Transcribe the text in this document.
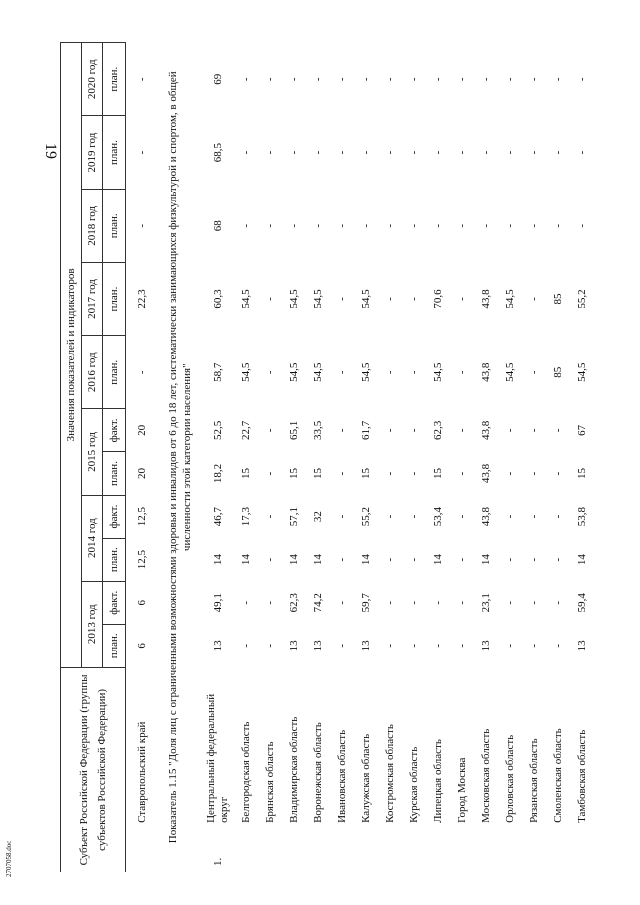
19
2707058.doc	Субъект Российской Федерации (группы субъектов Российской Федерации)		Значения показателей и индикаторов										
		2013 год		2014 год		2015 год		2016 год	2017 год	2018 год	2019 год	2020 год
		план.	факт.	план.	факт.	план.	факт.	план.	план.	план.	план.	план.
	Ставропольский край	6	6	12,5	12,5	20	20	-	22,3	-	-	-
Показатель 1.15 "Доля лиц с ограниченными возможностями здоровья и инвалидов от 6 до 18 лет, систематически занимающихся физкультурой и спортом, в общей численности этой категории населения"												
1.	Центральный федеральный округ	13	49,1	14	46,7	18,2	52,5	58,7	60,3	68	68,5	69
	Белгородская область	-	-	14	17,3	15	22,7	54,5	54,5	-	-	-
	Брянская область	-	-	-	-	-	-	-	-	-	-	-
	Владимирская область	13	62,3	14	57,1	15	65,1	54,5	54,5	-	-	-
	Воронежская область	13	74,2	14	32	15	33,5	54,5	54,5	-	-	-
	Ивановская область	-	-	-	-	-	-	-	-	-	-	-
	Калужская область	13	59,7	14	55,2	15	61,7	54,5	54,5	-	-	-
	Костромская область	-	-	-	-	-	-	-	-	-	-	-
	Курская область	-	-	-	-	-	-	-	-	-	-	-
	Липецкая область	-	-	14	53,4	15	62,3	54,5	70,6	-	-	-
	Город Москва	-	-	-	-	-	-	-	-	-	-	-
	Московская область	13	23,1	14	43,8	43,8	43,8	43,8	43,8	-	-	-
	Орловская область	-	-	-	-	-	-	54,5	54,5	-	-	-
	Рязанская область	-	-	-	-	-	-	-	-	-	-	-
	Смоленская область	-	-	-	-	-	-	85	85	-	-	-
	Тамбовская область	13	59,4	14	53,8	15	67	54,5	55,2	-	-	-
